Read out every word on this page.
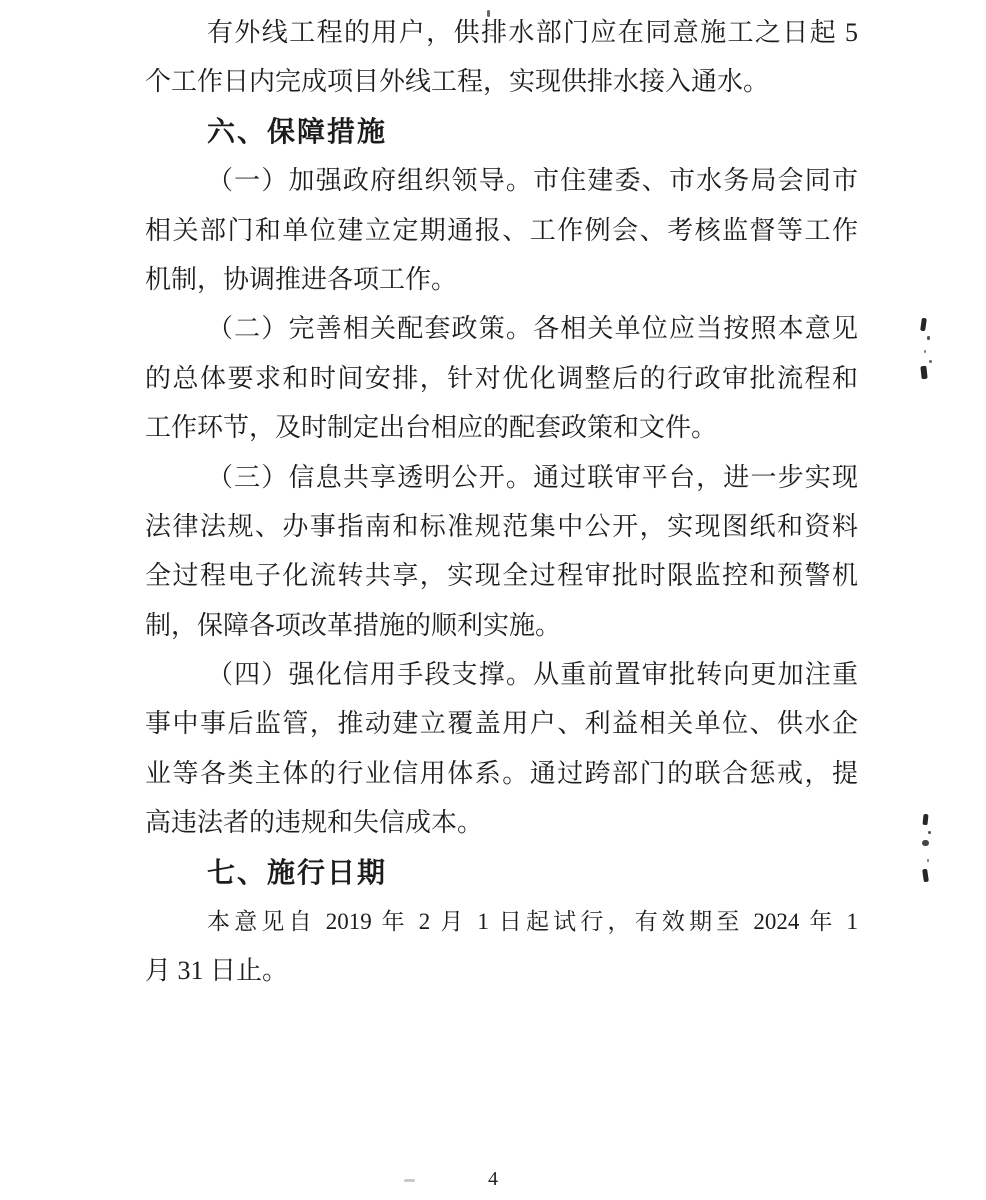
有外线工程的用户，供排水部门应在同意施工之日起 5
个工作日内完成项目外线工程，实现供排水接入通水。
六、保障措施
（一）加强政府组织领导。市住建委、市水务局会同市
相关部门和单位建立定期通报、工作例会、考核监督等工作
机制，协调推进各项工作。
（二）完善相关配套政策。各相关单位应当按照本意见
的总体要求和时间安排，针对优化调整后的行政审批流程和
工作环节，及时制定出台相应的配套政策和文件。
（三）信息共享透明公开。通过联审平台，进一步实现
法律法规、办事指南和标准规范集中公开，实现图纸和资料
全过程电子化流转共享，实现全过程审批时限监控和预警机
制，保障各项改革措施的顺利实施。
（四）强化信用手段支撑。从重前置审批转向更加注重
事中事后监管，推动建立覆盖用户、利益相关单位、供水企
业等各类主体的行业信用体系。通过跨部门的联合惩戒，提
高违法者的违规和失信成本。
七、施行日期
本意见自 2019 年 2 月 1 日起试行，有效期至 2024 年 1
月 31 日止。
4
